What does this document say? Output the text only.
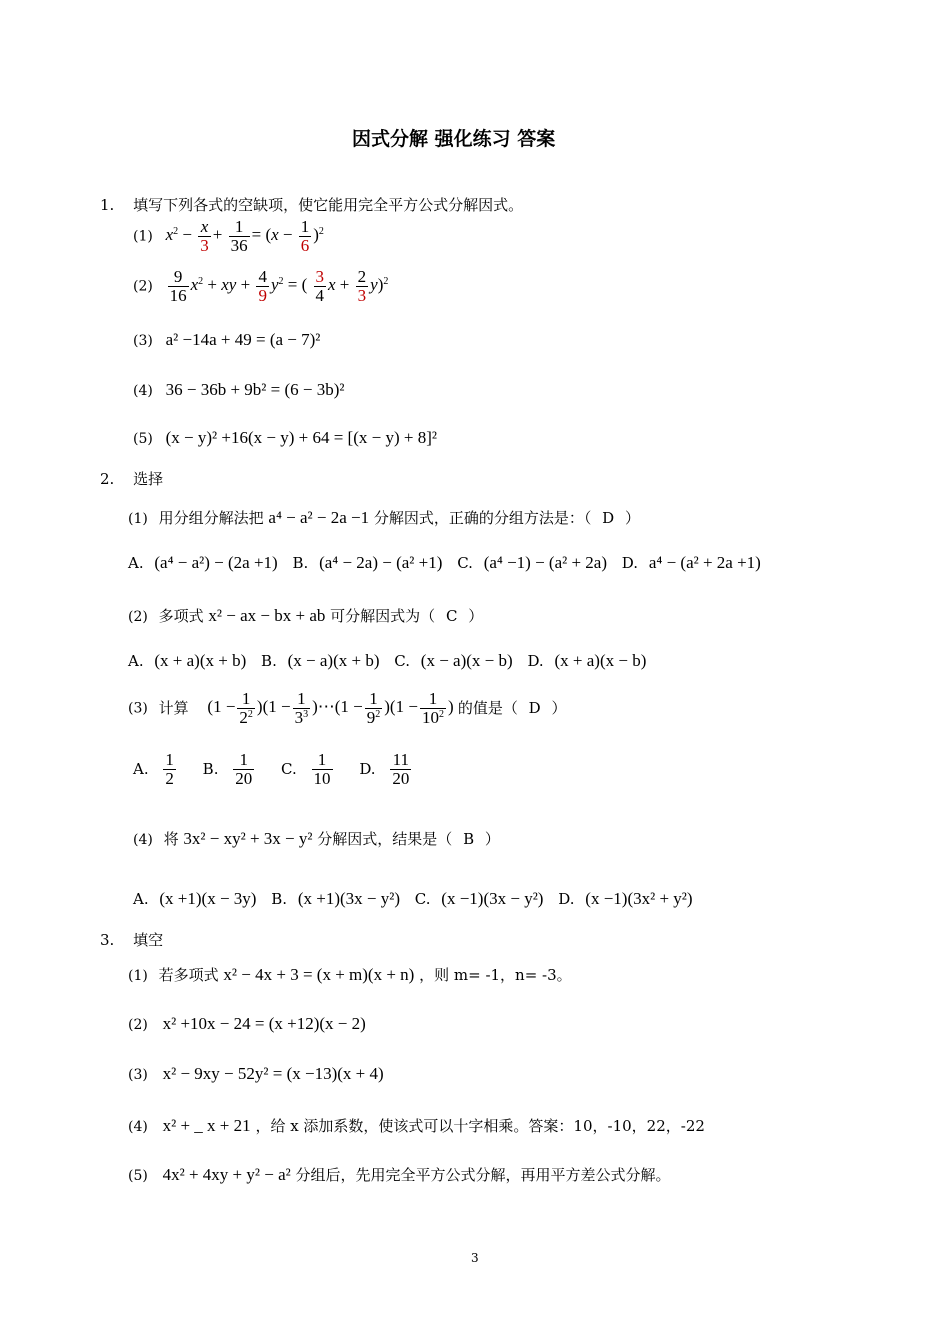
因式分解 强化练习 答案
1. 填写下列各式的空缺项，使它能用完全平方公式分解因式。
(1) $x^2 - \frac{x}{3} + \frac{1}{36} = (x - \frac{1}{6} )^2$
$(2) \frac{9}{16} x^2$ + xy + $\frac{4}{9} y^2$ = ( $\frac{3}{4}$ $x + \frac{2}{3} y)^2$
(3) a² −14a + 49 = (a − 7)²
(4) 36 − 36b + 9b² = (6 − 3b)²
(5) (x − y)² +16(x − y) + 64 = [(x − y) + 8]²
2. 选择
(1) 用分组分解法把 a⁴ − a² − 2a −1 分解因式，正确的分组方法是：（ D ）
A. (a⁴ − a²) − (2a +1) B. (a⁴ − 2a) − (a² +1) C. (a⁴ −1) − (a² + 2a) D. a⁴ − (a² + 2a +1)
(2) 多项式 x² − ax − bx + ab 可分解因式为（ C ）
A. (x + a)(x + b) B. (x − a)(x + b) C. (x − a)(x − b) D. (x + a)(x − b)
(3) 计算 $(1 - \frac{1}{2^2} )(1 - \frac{1}{3^3}$ )⋯(1 − $\frac{1}{9^2} )(1 - \frac{1}{10^2}$ ) 的值是（ D ）
A. $\frac{1}{2} B$. $\frac{1}{20} C$. $\frac{1}{10} D$. $\frac{11}{20}$
(4) 将 3x² − xy² + 3x − y² 分解因式，结果是（ B ）
A. (x +1)(x − 3y) B. (x +1)(3x − y²) C. (x −1)(3x − y²) D. (x −1)(3x² + y²)
3. 填空
(1) 若多项式 x² − 4x + 3 = (x + m)(x + n) ，则 m= -1，n= -3。
(2) x² +10x − 24 = (x +12)(x − 2)
(3) x² − 9xy − 52y² = (x −13)(x + 4)
(4) x² + _ x + 21 ，给 x 添加系数，使该式可以十字相乘。答案：10，-10，22，-22
(5) 4x² + 4xy + y² − a² 分组后，先用完全平方公式分解，再用平方差公式分解。
3
